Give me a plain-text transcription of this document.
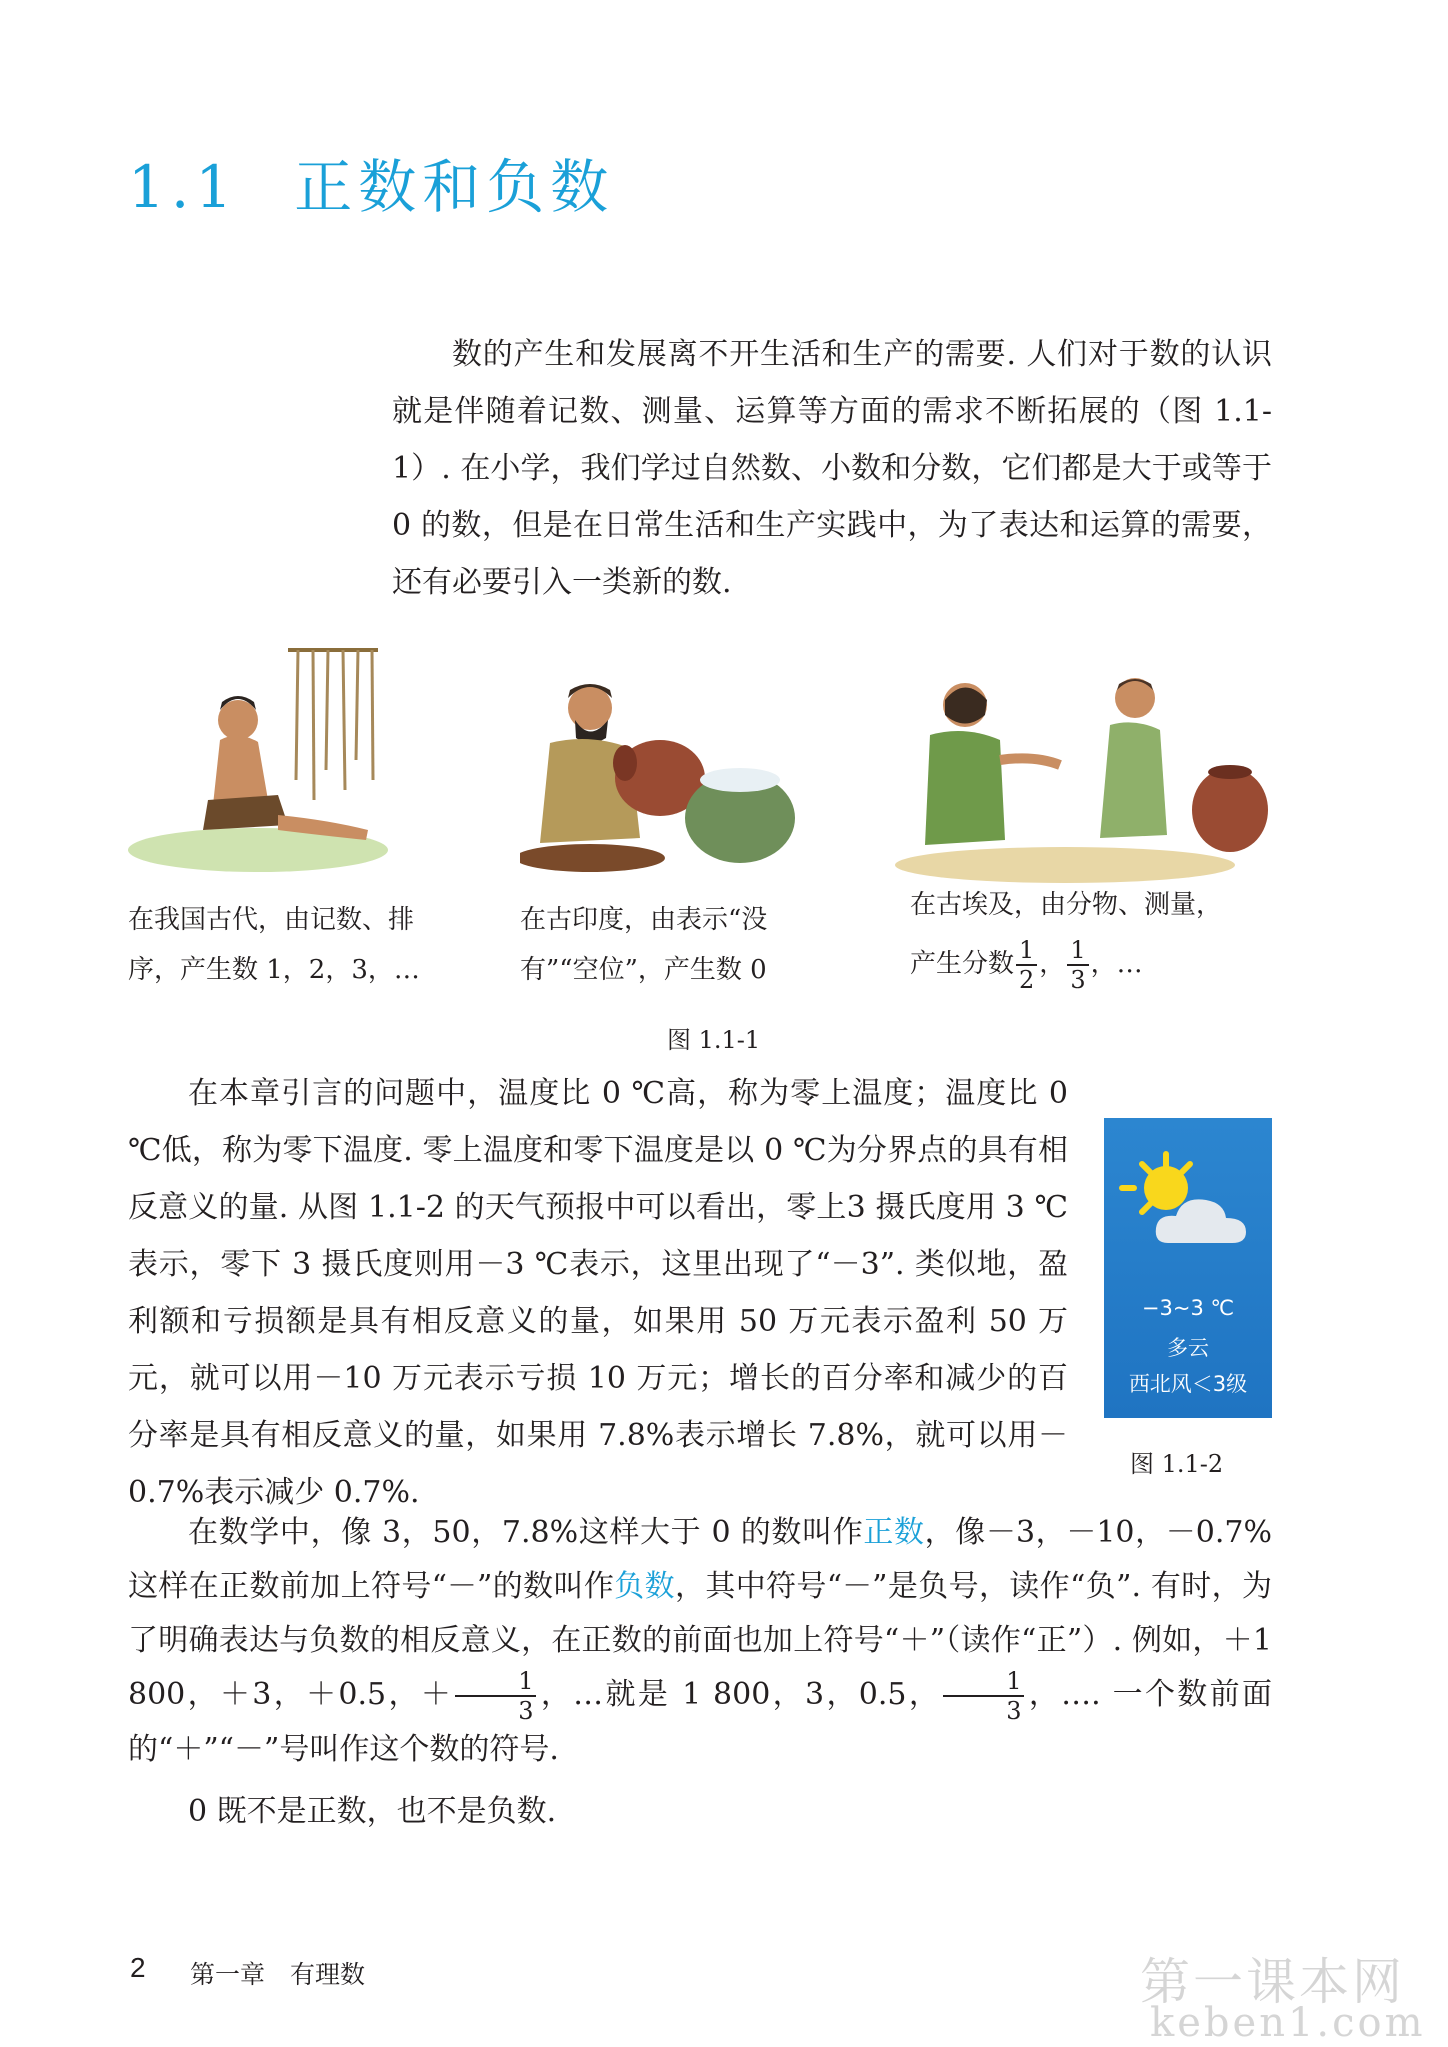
1.1 正数和负数

数的产生和发展离不开生活和生产的需要. 人们对于数的认识就是伴随着记数、测量、运算等方面的需求不断拓展的（图 1.1-1）. 在小学，我们学过自然数、小数和分数，它们都是大于或等于 0 的数，但是在日常生活和生产实践中，为了表达和运算的需要，还有必要引入一类新的数.

在我国古代，由记数、排
序，产生数 1，2，3，…
在古印度，由表示“没
有”“空位”，产生数 0
在古埃及，由分物、测量，
产生分数 $\frac{1}{2}$ ， $\frac{1}{3}$ ，…
图 1.1-1

在本章引言的问题中，温度比 0 ℃高，称为零上温度；温度比 0 ℃低，称为零下温度. 零上温度和零下温度是以 0 ℃为分界点的具有相反意义的量. 从图 1.1-2 的天气预报中可以看出，零上3 摄氏度用 3 ℃表示，零下 3 摄氏度则用－3 ℃表示，这里出现了“－3”. 类似地，盈利额和亏损额是具有相反意义的量，如果用 50 万元表示盈利 50 万元，就可以用－10 万元表示亏损 10 万元；增长的百分率和减少的百分率是具有相反意义的量，如果用 7.8%表示增长 7.8%，就可以用－0.7%表示减少 0.7%.

−3~3 ℃
多云
西北风＜3级
图 1.1-2

在数学中，像 3，50，7.8%这样大于 0 的数叫作正数，像－3，－10，－0.7%这样在正数前加上符号“－”的数叫作负数，其中符号“－”是负号，读作“负”. 有时，为了明确表达与负数的相反意义，在正数的前面也加上符号“＋”（读作“正”）. 例如，＋1 800，＋3，＋0.5，＋ $\frac{1}{3}$ ，…就是 1 800，3，0.5， $\frac{1}{3}$ ，…. 一个数前面的“＋”“－”号叫作这个数的符号.

0 既不是正数，也不是负数.

2 第一章　有理数	第一课本网
keben1.com
